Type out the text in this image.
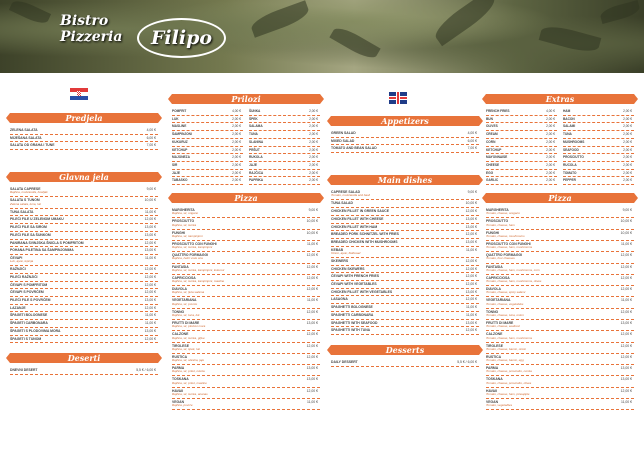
Bistro
Pizzeria	Filipo
Predjela
ZELENA SALATA	4,00 €
MIJEŠANA SALATA	6,00 €
SALATA OD GRAHA I TUNE	7,00 €
Glavna jela
SALATA CAPRESE	9,00 €
Rajčica, mozzarella, bosiljak
SALATA S TUNOM	10,00 €
Zelena salata, tuna, luk
TUNA SALATA	11,00 €
PILEĆI FILE U ZELENOM UMAKU	12,00 €
PILEĆI FILE SA SIROM	13,00 €
PILEĆI FILE SA ŠUNKOM	13,00 €
PANIRANA SVINJSKA ŠNICLA S POMFRITOM	12,00 €
POHANA PILETINA SA ŠAMPINJONIMA	13,00 €
ĆEVAPI	11,00 €
Luk, ajvar, lepinja
RAŽNJIĆI	12,00 €
PILEĆI RAŽNJIĆI	12,00 €
ĆEVAPI S POMFRITOM	12,00 €
ĆEVAPI S POVRĆEM	12,00 €
PILEĆI FILE S POVRĆEM	13,00 €
LAZANJE	12,00 €
ŠPAGETI BOLOGNESE	11,00 €
ŠPAGETI CARBONARA	11,00 €
ŠPAGETI S PLODOVIMA MORA	13,00 €
ŠPAGETI S TUNOM	12,00 €
Deserti
DNEVNI DESERT	5,5 € / 6,00 €
Prilozi
POMFRIT	4,00 €	ŠUNKA	2,00 €
LUK	2,00 €	ŠPEK	2,00 €
MASLINE	2,00 €	SALAMA	2,00 €
ŠAMPINJONI	2,00 €	TUNA	2,00 €
KUKURUZ	2,00 €	SLANINA	2,00 €
KETCHUP	2,00 €	PRŠUT	2,00 €
MAJONEZA	2,00 €	RUKOLA	2,00 €
SIR	2,00 €	JAJE	2,00 €
JAJE	2,00 €	RAJČICA	2,00 €
TABASKO	2,00 €	PAPRIKA	2,00 €
Pizza
MARGHERITA	9,00 €
Rajčica, sir, origano
PROSCIUTTO	10,00 €
Rajčica, sir, šunka
FUNGHI	10,00 €
Rajčica, sir, šampinjoni
PROSCIUTTO CON FUNGHI	11,00 €
Rajčica, sir, šunka, šampinjoni
QUATTRO FORMAGGI	12,00 €
Rajčica, četiri vrste sira
FANTASIA	12,00 €
Rajčica, sir, šunka, šampinjoni, kukuruz
CAPRICCIOSA	12,00 €
Rajčica, sir, šunka, šampinjoni, masline
DIAVOLA	12,00 €
Rajčica, sir, ljuta salama
VEGETARIANA	11,00 €
Rajčica, sir, povrće
TONNO	12,00 €
Rajčica, sir, tuna, luk
FRUTTI DI MARE	13,00 €
Rajčica, sir, plodovi mora
CALZONE	12,00 €
Rajčica, sir, šunka, gljive
TIROLESE	12,00 €
Rajčica, sir, špek, luk
RUSTICA	12,00 €
Rajčica, sir, slanina, jaje
PARMA	13,00 €
Rajčica, sir, pršut, rukola
TOSKANA	13,00 €
Rajčica, sir, pršut, masline
HAVAII	12,00 €
Rajčica, sir, šunka, ananas
VEGAN	11,00 €
Rajčica, povrće
Appetizers
GREEN SALAD	4,00 €
MIXED SALAD	6,00 €
TOMATO AND BEAN SALAD	7,00 €
Main dishes
CAPRESE SALAD	9,00 €
Tomato, mozzarella and basil
TUNA SALAD	10,00 €
CHICKEN FILLET IN GREEN SAUCE	12,00 €
CHICKEN FILLET WITH CHEESE	13,00 €
CHICKEN FILLET WITH HAM	13,00 €
BREADED PORK SCHNITZEL WITH FRIES	12,00 €
BREADED CHICKEN WITH MUSHROOMS	13,00 €
KEBAB	11,00 €
Onion, ajvar, flatbread
SKEWERS	12,00 €
CHICKEN SKEWERS	12,00 €
ĆEVAPI WITH FRENCH FRIES	12,00 €
ĆEVAPI WITH VEGETABLES	12,00 €
CHICKEN FILLET WITH VEGETABLES	13,00 €
LASAGNA	12,00 €
SPAGHETTI BOLOGNESE	11,00 €
SPAGHETTI CARBONARA	11,00 €
SPAGHETTI WITH SEAFOOD	13,00 €
SPAGHETTI WITH TUNA	12,00 €
Desserts
DAILY DESSERT	5,5 € / 6,00 €
Extras
FRENCH FRIES	4,00 €	HAM	2,00 €
BUN	2,00 €	BACON	2,00 €
OLIVES	2,00 €	SALAMI	2,00 €
CREAM	2,00 €	TUNA	2,00 €
CORN	2,00 €	MUSHROOMS	2,00 €
KETCHUP	2,00 €	SEAFOOD	2,00 €
MAYONNAISE	2,00 €	PROSCIUTTO	2,00 €
CHEESE	2,00 €	RUCOLA	2,00 €
EGG	2,00 €	TOMATO	2,00 €
GARLIC	2,00 €	PEPPER	2,00 €
Pizza
MARGHERITA	9,00 €
Tomato, cheese, oregano
PROSCIUTTO	10,00 €
Tomato, cheese, ham
FUNGHI	10,00 €
Tomato, cheese, mushrooms
PROSCIUTTO CON FUNGHI	11,00 €
Tomato, cheese, ham, mushrooms
QUATTRO FORMAGGI	12,00 €
Tomato, four cheeses
FANTASIA	12,00 €
Tomato, cheese, ham, mushrooms, corn
CAPRICCIOSA	12,00 €
Tomato, cheese, ham, mushrooms, olives
DIAVOLA	12,00 €
Tomato, cheese, spicy salami
VEGETARIANA	11,00 €
Tomato, cheese, vegetables
TONNO	12,00 €
Tomato, cheese, tuna, onion
FRUTTI DI MARE	13,00 €
Tomato, cheese, seafood
CALZONE	12,00 €
Tomato, cheese, ham, mushrooms
TIROLESE	12,00 €
Tomato, cheese, bacon, onion
RUSTICA	12,00 €
Tomato, cheese, bacon, egg
PARMA	13,00 €
Tomato, cheese, prosciutto, rucola
TOSKANA	13,00 €
Tomato, cheese, prosciutto, olives
HAVAII	12,00 €
Tomato, cheese, ham, pineapple
VEGAN	11,00 €
Tomato, vegetables
